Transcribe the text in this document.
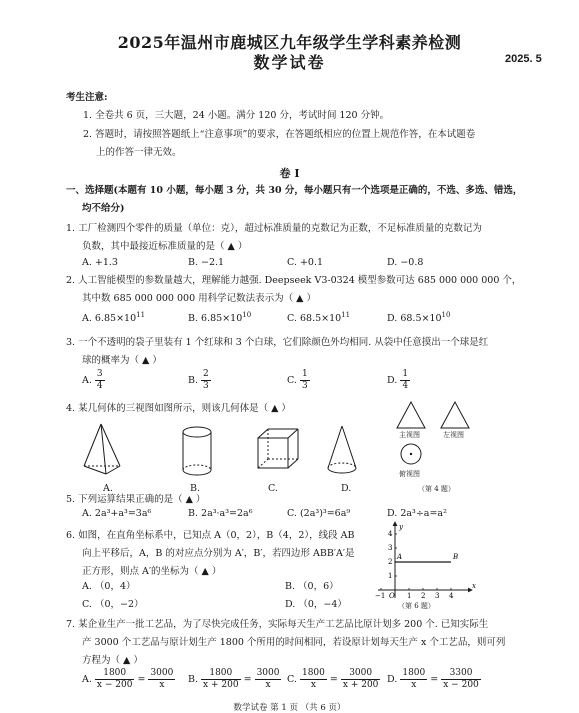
2025年温州市鹿城区九年级学生学科素养检测
数学试卷	2025. 5
考生注意:
1. 全卷共 6 页，三大题，24 小题。满分 120 分，考试时间 120 分钟。
2. 答题时，请按照答题纸上“注意事项”的要求，在答题纸相应的位置上规范作答，在本试题卷
上的作答一律无效。
卷 I
一、选择题(本题有 10 小题，每小题 3 分，共 30 分，每小题只有一个选项是正确的，不选、多选、错选，
均不给分)
1. 工厂检测四个零件的质量（单位：克），超过标准质量的克数记为正数，不足标准质量的克数记为
负数，其中最接近标准质量的是（ ▲ ）
A. +1.3	B. −2.1	C. +0.1	D. −0.8
2. 人工智能模型的参数量越大，理解能力越强. Deepseek V3-0324 模型参数可达 685 000 000 000 个，
其中数 685 000 000 000 用科学记数法表示为（ ▲ ）
A. $6.85\times 10^{11}$	B. $6.85\times 10^{10}$	C. $68.5\times 10^{11}$	D. $68.5\times 10^{10}$
3. 一个不透明的袋子里装有 1 个红球和 3 个白球，它们除颜色外均相同. 从袋中任意摸出一个球是红
球的概率为（ ▲ ）
A. $\frac{3}{4}$	B. $\frac{2}{3}$	C. $\frac{1}{3}$	D. $\frac{1}{4}$
4. 某几何体的三视图如图所示，则该几何体是（ ▲ ）
A.	B.	C.	D.
主视图	左视图
俯视图
（第 4 题）
5. 下列运算结果正确的是（ ▲ ）
A. 2a³+a³=3a⁶	B. 2a³·a³=2a⁶	C. (2a³)³=6a⁹	D. 2a³÷a=a²
6. 如图，在直角坐标系中，已知点 A（0，2），B（4，2），线段 AB
向上平移后，A，B 的对应点分别为 A′，B′，若四边形 ABB′A′是
正方形，则点 A′的坐标为（ ▲ ）
A. （0，4）	B. （0，6）
C. （0，−2）	D. （0，−4）
y
x
4
3
2
1
−1 O 1 2 3 4
A	B
（第 6 题）
7. 某企业生产一批工艺品，为了尽快完成任务，实际每天生产工艺品比原计划多 200 个. 已知实际生
产 3000 个工艺品与原计划生产 1800 个所用的时间相同，若设原计划每天生产 x 个工艺品，则可列
方程为（ ▲ ）
A. $\frac{1800}{x - 200} = \frac{3000}{x} B$. $\frac{1800}{x + 200} = \frac{3000}{x} C$. $\frac{1800}{x} = \frac{3000}{x + 200} D$. $\frac{1800}{x} = \frac{3300}{x - 200}$
数学试卷 第 1 页 （共 6 页）
